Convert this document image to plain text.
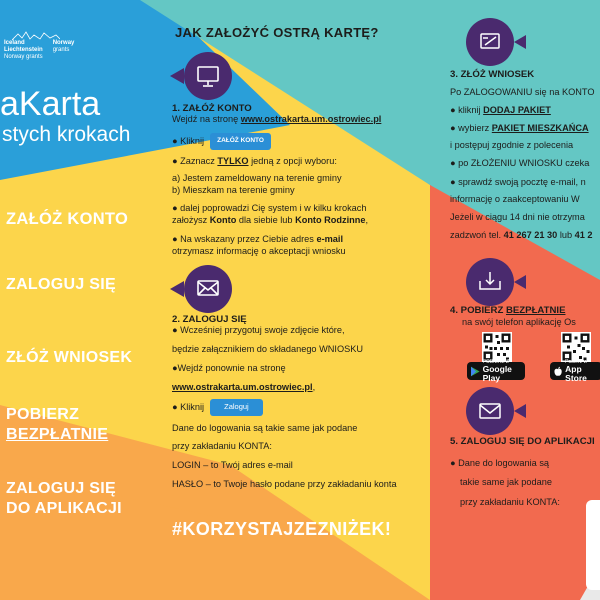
Iceland
Liechtenstein
Norway grants
Norway
grants
aKarta
stych krokach
ZAŁÓŻ KONTO
ZALOGUJ SIĘ
ZŁÓŻ WNIOSEK
POBIERZ
BEZPŁATNIE
ZALOGUJ SIĘ
DO APLIKACJI
JAK ZAŁOŻYĆ OSTRĄ KARTĘ?
1. ZAŁÓŻ KONTO
Wejdź na stronę www.ostrakarta.um.ostrowiec.pl
● Kliknij	ZAŁÓŻ KONTO
● Zaznacz TYLKO jedną z opcji wyboru:
a) Jestem zameldowany na terenie gminy
b) Mieszkam na terenie gminy
● dalej poprowadzi Cię system i w kilku krokach
założysz Konto dla siebie lub Konto Rodzinne,
● Na wskazany przez Ciebie adres e-mail
otrzymasz informację o akceptacji wniosku
2. ZALOGUJ SIĘ
● Wcześniej przygotuj swoje zdjęcie które,
będzie załącznikiem do składanego WNIOSKU
●Wejdź ponownie na stronę
www.ostrakarta.um.ostrowiec.pl,
● Kliknij	Zaloguj
Dane do logowania są takie same jak podane
przy zakładaniu KONTA:
LOGIN – to Twój adres e-mail
HASŁO – to Twoje hasło podane przy zakładaniu konta
#KORZYSTAJZEZNIŻEK!
3. ZŁÓŻ WNIOSEK
Po ZALOGOWANIU się na KONTO
● kliknij DODAJ PAKIET
● wybierz PAKIET MIESZKAŃCA
i postępuj zgodnie z polecenia
● po ZŁOŻENIU WNIOSKU czeka
● sprawdź swoją pocztę e-mail, n
informację o zaakceptowaniu W
Jeżeli w ciągu 14 dni nie otrzyma
zadzwoń tel. 41 267 21 30 lub 41 2
4. POBIERZ BEZPŁATNIE
na swój telefon aplikację Os
POBIERZ Z
Google Play
Pobierz w
App Store
5. ZALOGUJ SIĘ DO APLIKACJI
● Dane do logowania są
takie same jak podane
przy zakładaniu KONTA:
